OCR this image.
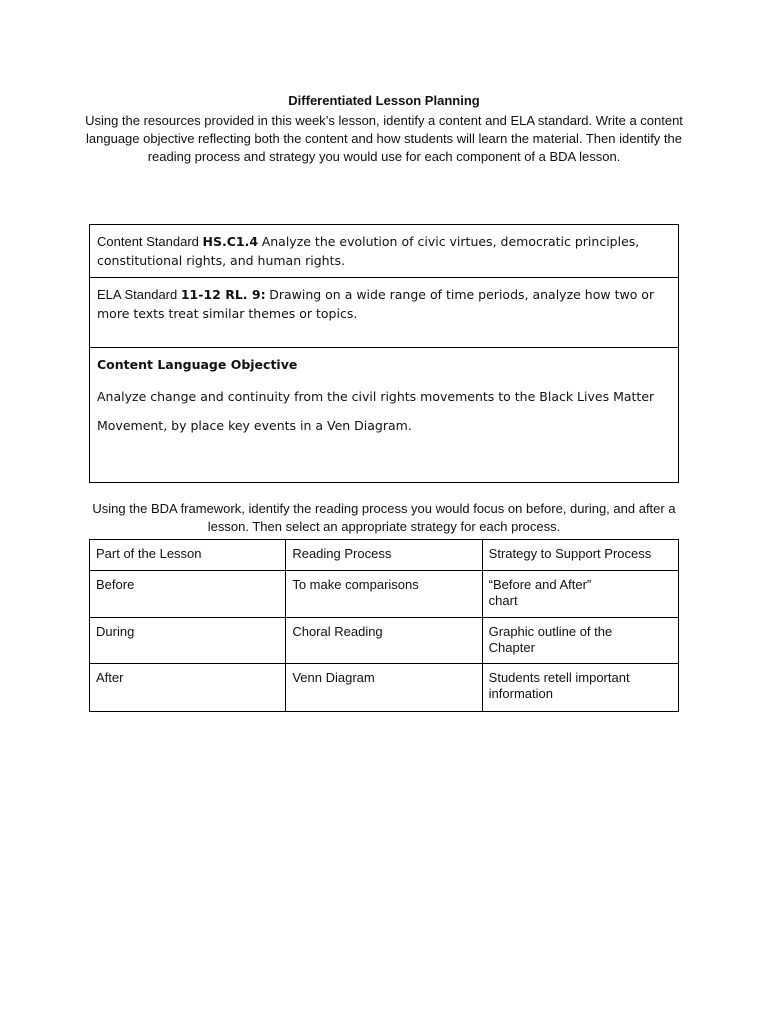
Differentiated Lesson Planning
Using the resources provided in this week’s lesson, identify a content and ELA standard. Write a content language objective reflecting both the content and how students will learn the material. Then identify the reading process and strategy you would use for each component of a BDA lesson.
Content Standard HS.C1.4 Analyze the evolution of civic virtues, democratic principles, constitutional rights, and human rights.
ELA Standard 11-12 RL. 9: Drawing on a wide range of time periods, analyze how two or more texts treat similar themes or topics.
Content Language Objective
Analyze change and continuity from the civil rights movements to the Black Lives Matter Movement, by place key events in a Ven Diagram.
Using the BDA framework, identify the reading process you would focus on before, during, and after a lesson. Then select an appropriate strategy for each process.
Part of the Lesson	Reading Process	Strategy to Support Process
Before	To make comparisons	“Before and After” chart
During	Choral Reading	Graphic outline of the Chapter
After	Venn Diagram	Students retell important information
